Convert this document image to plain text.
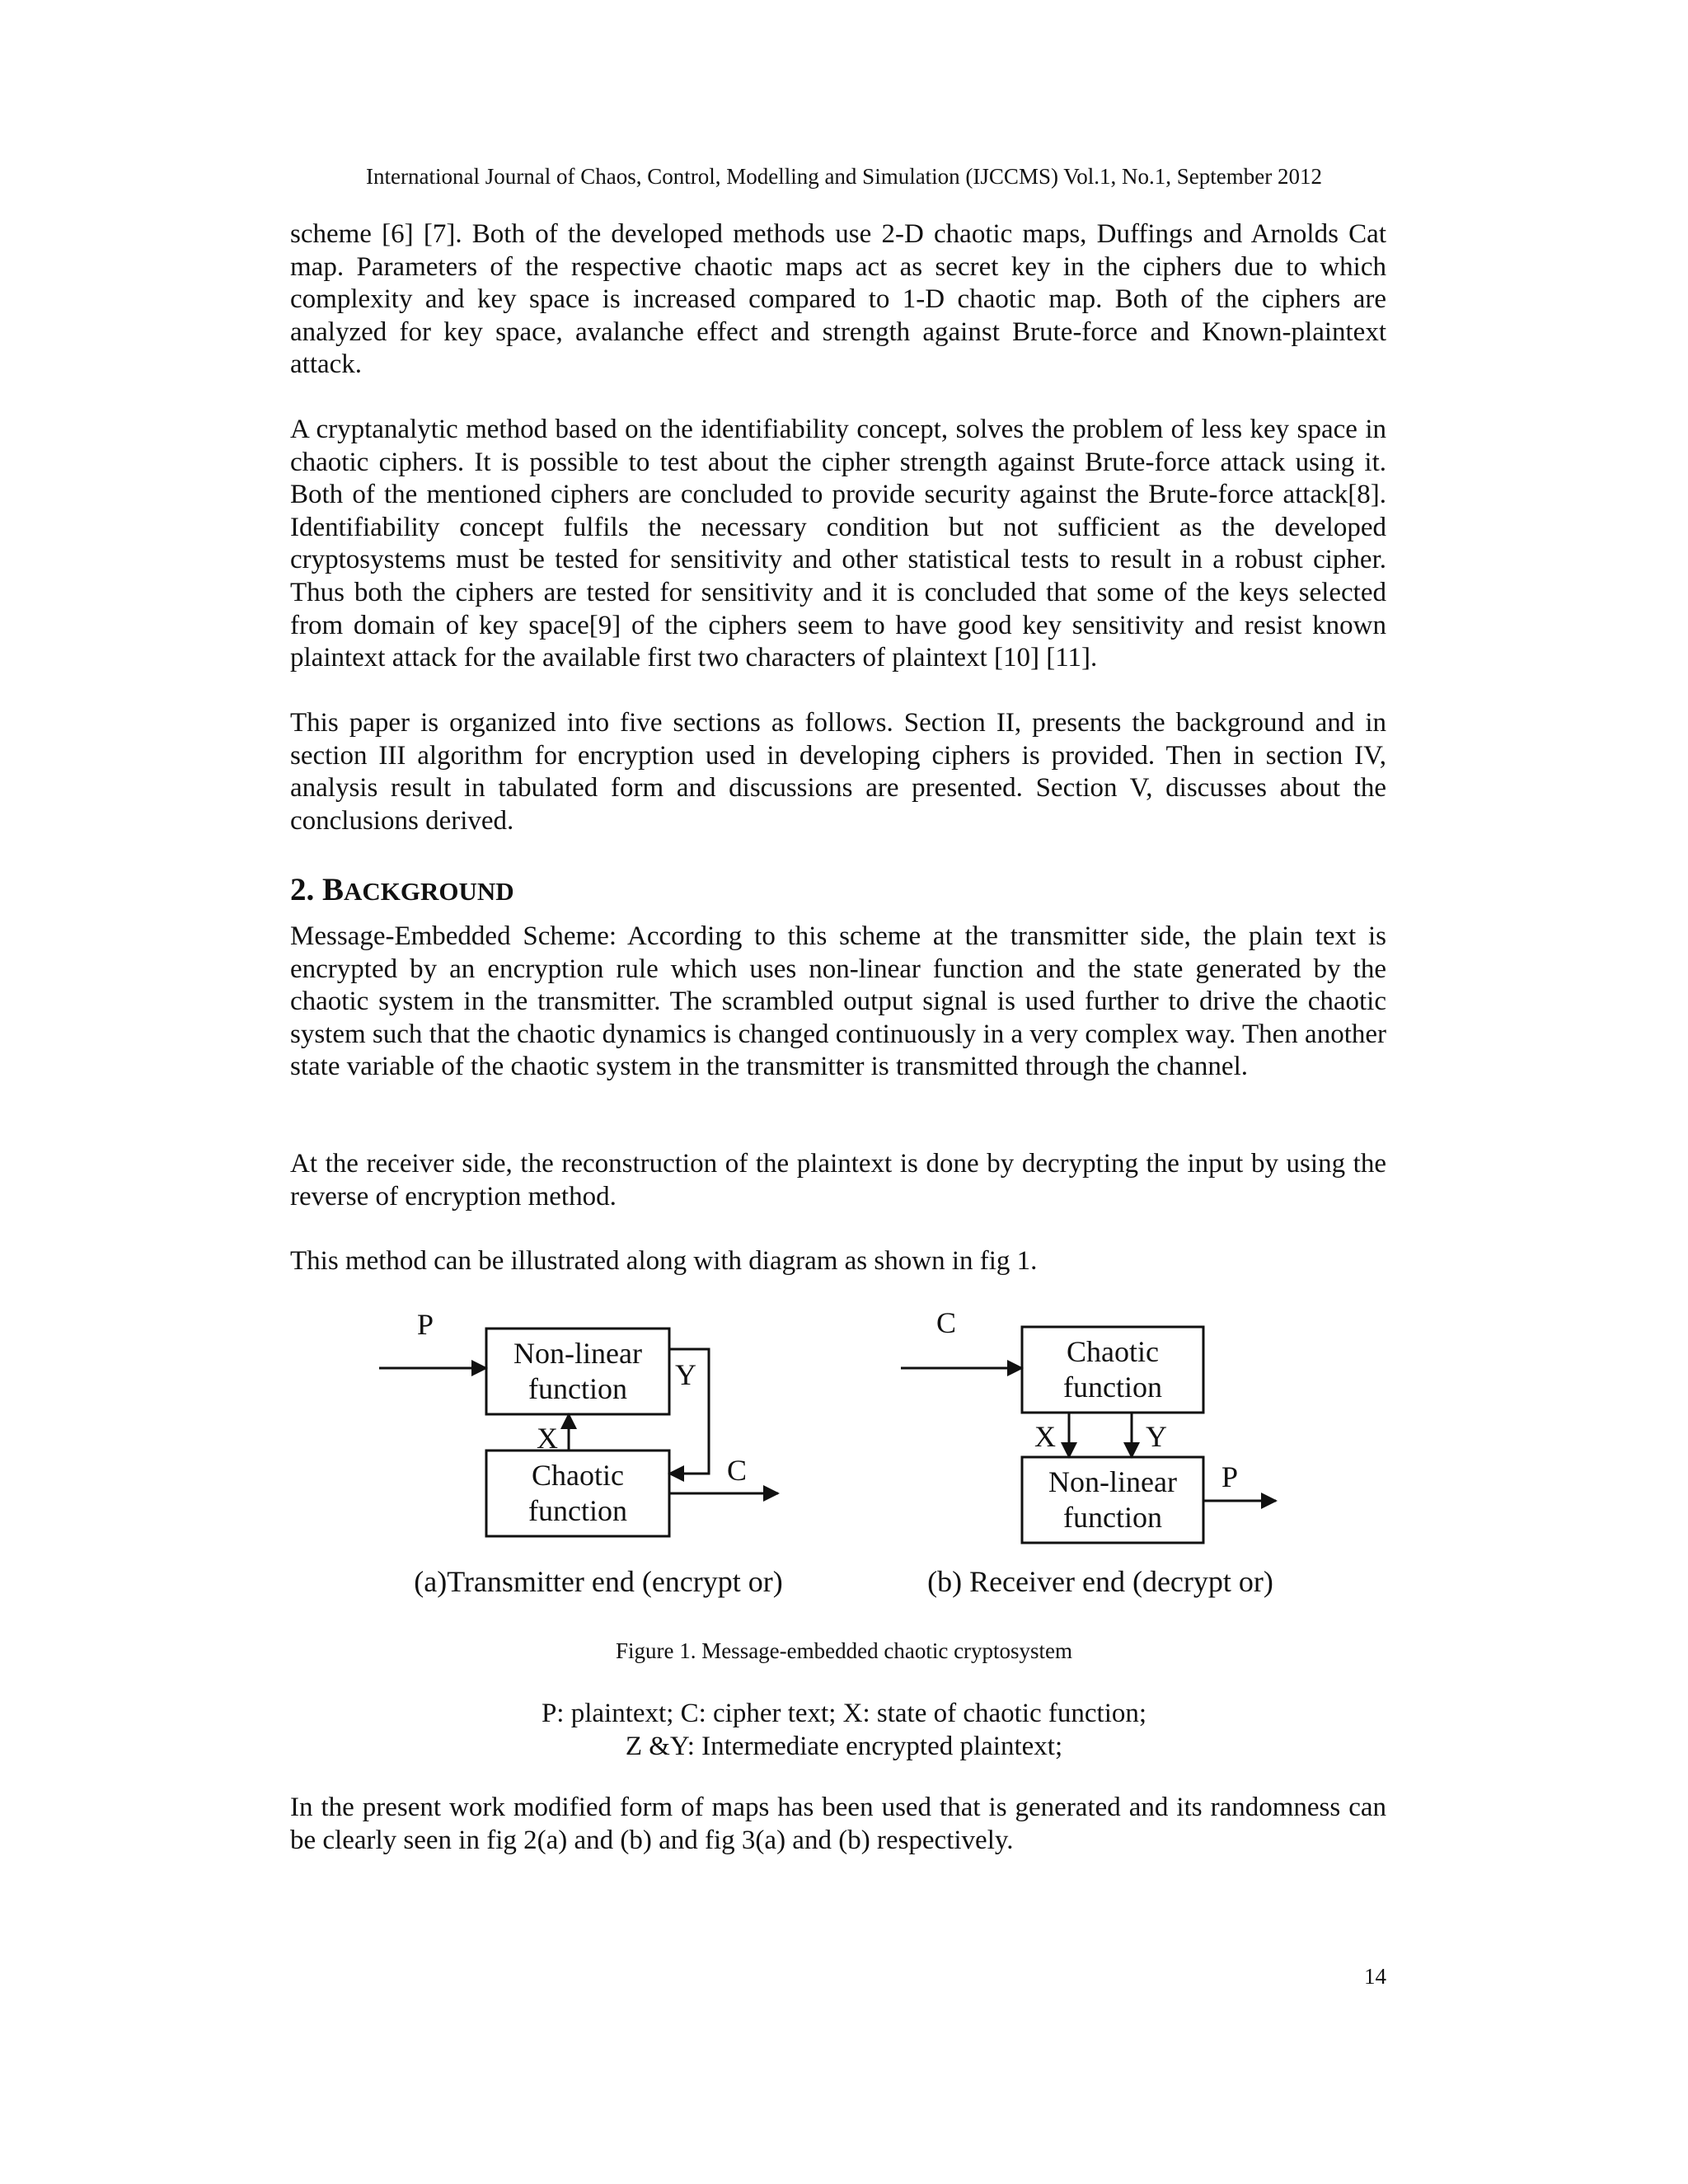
International Journal of Chaos, Control, Modelling and Simulation (IJCCMS) Vol.1, No.1, September 2012
scheme [6] [7]. Both of the developed methods use 2-D chaotic maps, Duffings and Arnolds Cat map. Parameters of the respective chaotic maps act as secret key in the ciphers due to which complexity and key space is increased compared to 1-D chaotic map. Both of the ciphers are analyzed for key space, avalanche effect and strength against Brute-force and Known-plaintext attack.
A cryptanalytic method based on the identifiability concept, solves the problem of less key space in chaotic ciphers. It is possible to test about the cipher strength against Brute-force attack using it. Both of the mentioned ciphers are concluded to provide security against the Brute-force attack[8]. Identifiability concept fulfils the necessary condition but not sufficient as the developed cryptosystems must be tested for sensitivity and other statistical tests to result in a robust cipher. Thus both the ciphers are tested for sensitivity and it is concluded that some of the keys selected from domain of key space[9] of the ciphers seem to have good key sensitivity and resist known plaintext attack for the available first two characters of plaintext [10] [11].
This paper is organized into five sections as follows. Section II, presents the background and in section III algorithm for encryption used in developing ciphers is provided. Then in section IV, analysis result in tabulated form and discussions are presented. Section V, discusses about the conclusions derived.
2. BACKGROUND
Message-Embedded Scheme: According to this scheme at the transmitter side, the plain text is encrypted by an encryption rule which uses non-linear function and the state generated by the chaotic system in the transmitter. The scrambled output signal is used further to drive the chaotic system such that the chaotic dynamics is changed continuously in a very complex way. Then another state variable of the chaotic system in the transmitter is transmitted through the channel.
At the receiver side, the reconstruction of the plaintext is done by decrypting the input by using the reverse of encryption method.
This method can be illustrated along with diagram as shown in fig 1.
P
Non-linear
function Y
X
Chaotic
function
C
(a)Transmitter end (encrypt or)
C
Chaotic
function
X	Y
Non-linear
function
P
(b) Receiver end (decrypt or)
Figure 1. Message-embedded chaotic cryptosystem
P: plaintext; C: cipher text; X: state of chaotic function;
Z &Y: Intermediate encrypted plaintext;
In the present work modified form of maps has been used that is generated and its randomness can be clearly seen in fig 2(a) and (b) and fig 3(a) and (b) respectively.
14
